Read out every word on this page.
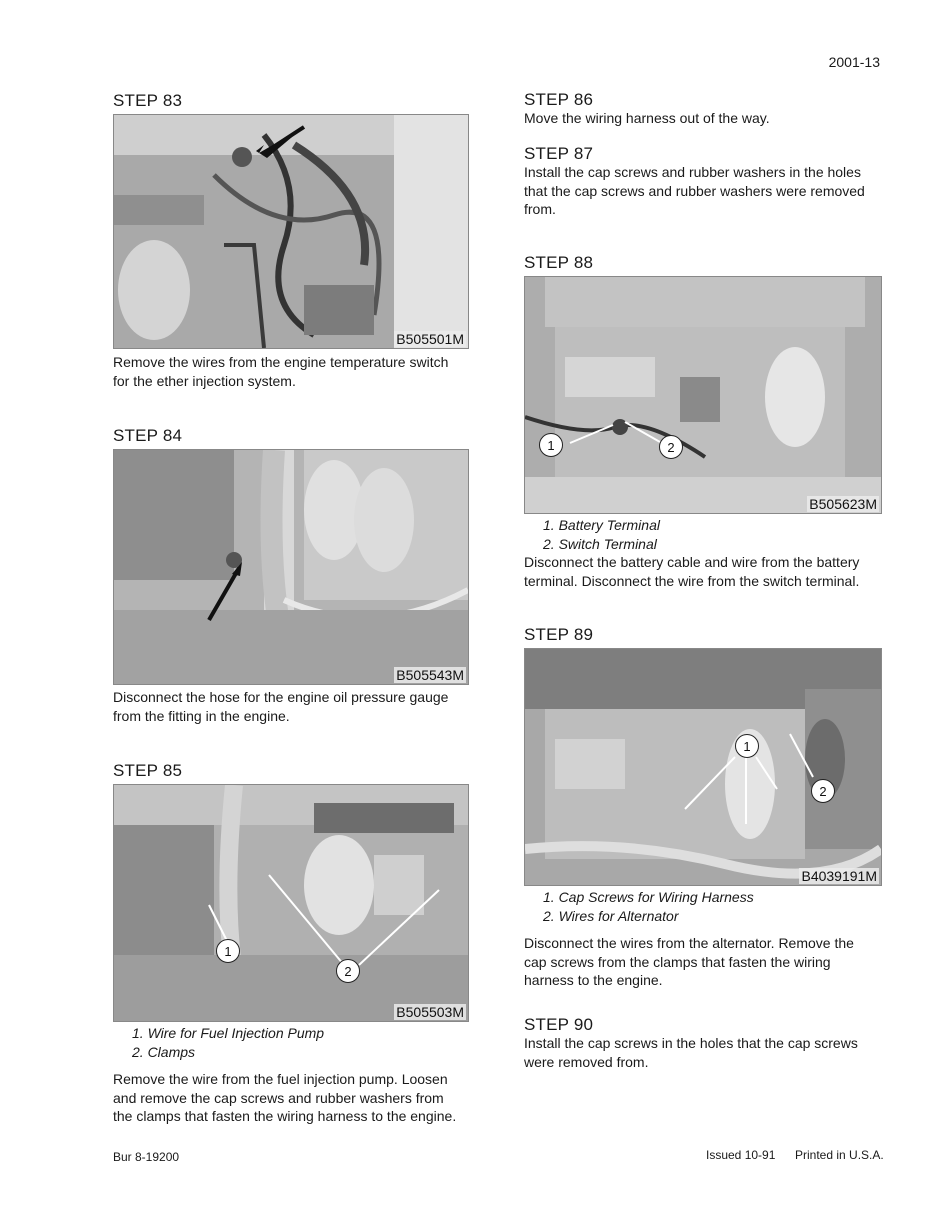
2001-13
STEP 83
B505501M
Remove the wires from the engine temperature switch
for the ether injection system.
STEP 84
B505543M
Disconnect the hose for the engine oil pressure gauge
from the fitting in the engine.
STEP 85
1
2
B505503M
1. Wire for Fuel Injection Pump
2. Clamps
Remove the wire from the fuel injection pump. Loosen
and remove the cap screws and rubber washers from
the clamps that fasten the wiring harness to the engine.
STEP 86
Move the wiring harness out of the way.
STEP 87
Install the cap screws and rubber washers in the holes
that the cap screws and rubber washers were removed
from.
STEP 88
1	2
B505623M
1. Battery Terminal
2. Switch Terminal
Disconnect the battery cable and wire from the battery
terminal. Disconnect the wire from the switch terminal.
STEP 89
1
2
B4039191M
1. Cap Screws for Wiring Harness
2. Wires for Alternator
Disconnect the wires from the alternator. Remove the
cap screws from the clamps that fasten the wiring
harness to the engine.
STEP 90
Install the cap screws in the holes that the cap screws
were removed from.
Bur 8-19200	Issued 10-91 Printed in U.S.A.
